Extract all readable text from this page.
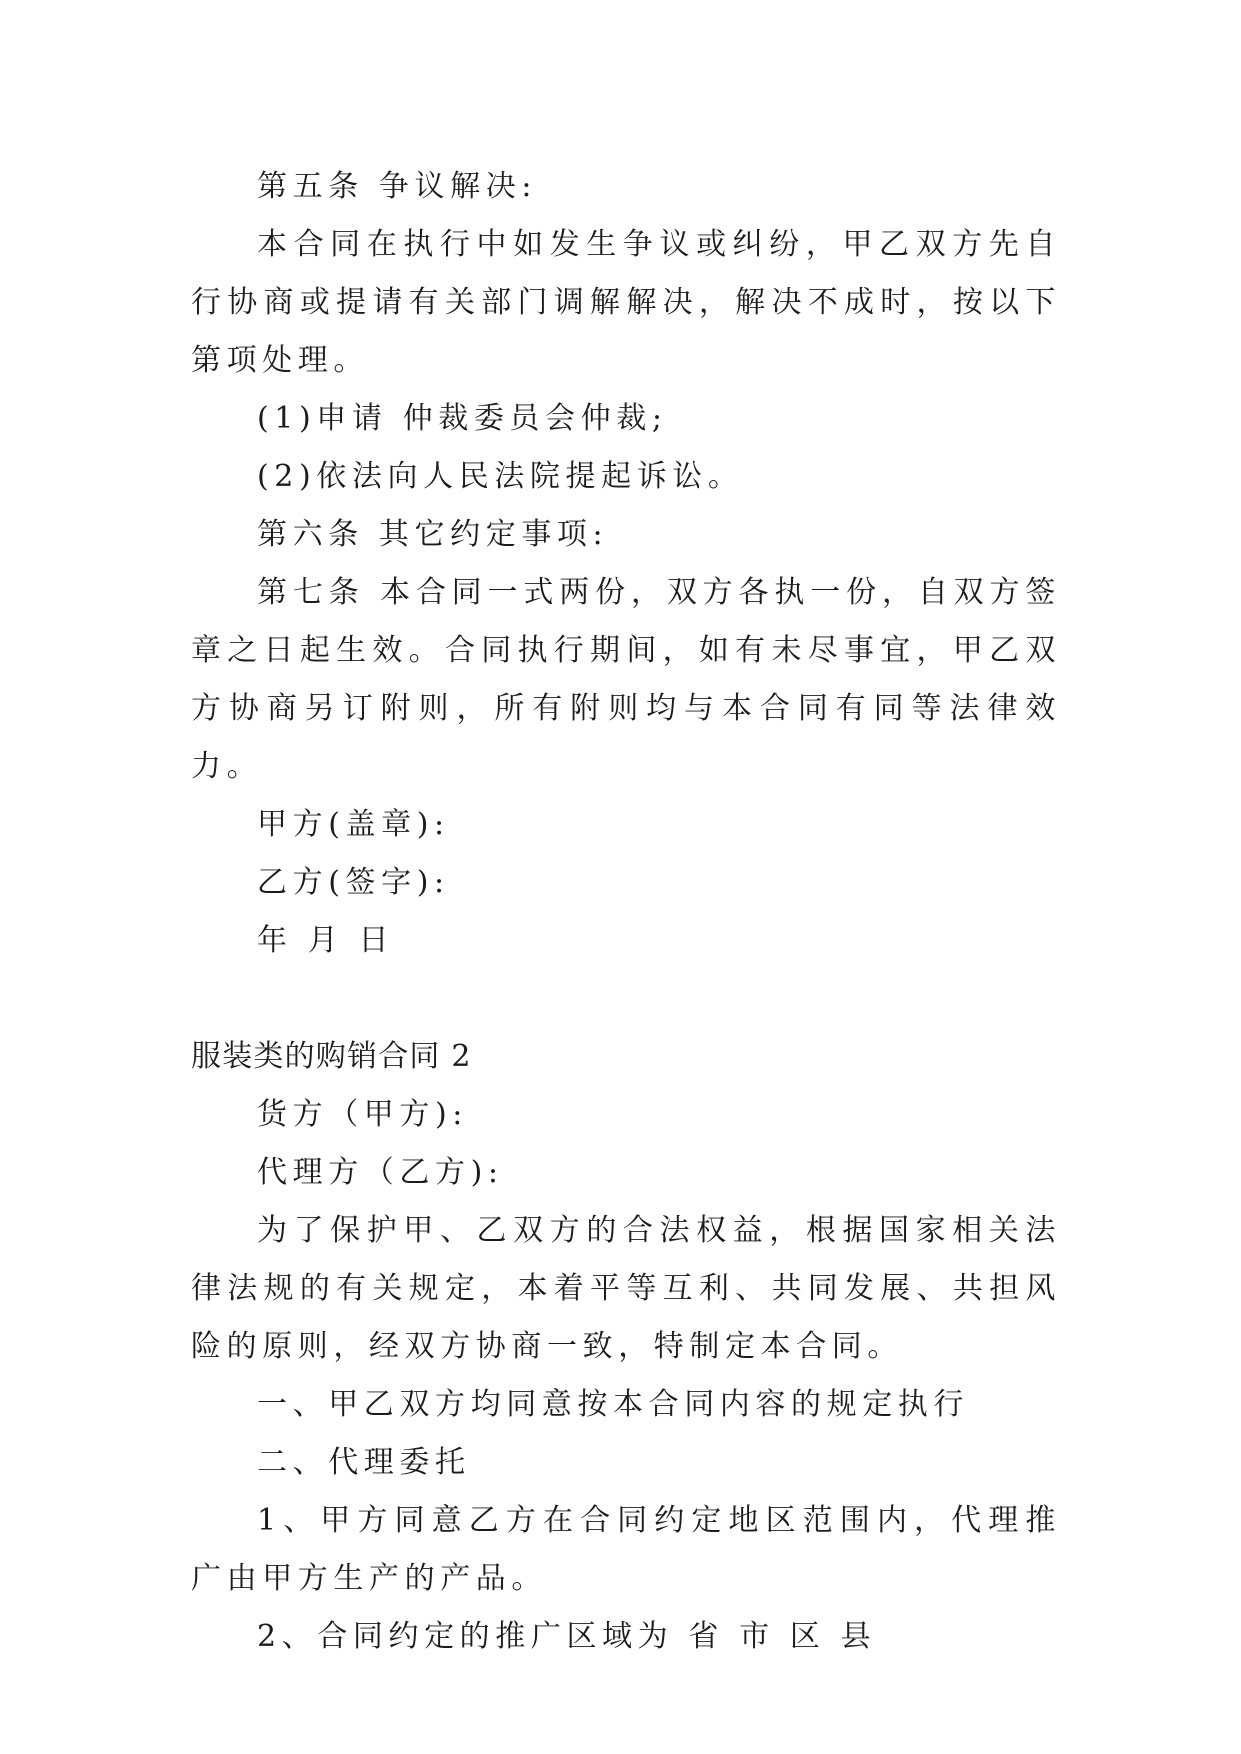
第五条 争议解决:

本合同在执行中如发生争议或纠纷，甲乙双方先自行协商或提请有关部门调解解决，解决不成时，按以下第项处理。

(1)申请 仲裁委员会仲裁;

(2)依法向人民法院提起诉讼。

第六条 其它约定事项:

第七条 本合同一式两份，双方各执一份，自双方签章之日起生效。合同执行期间，如有未尽事宜，甲乙双方协商另订附则，所有附则均与本合同有同等法律效力。

甲方(盖章):

乙方(签字):

年 月 日

服装类的购销合同 2

货方（甲方):

代理方（乙方):

为了保护甲、乙双方的合法权益，根据国家相关法律法规的有关规定，本着平等互利、共同发展、共担风险的原则，经双方协商一致，特制定本合同。

一、甲乙双方均同意按本合同内容的规定执行

二、代理委托

1、甲方同意乙方在合同约定地区范围内，代理推广由甲方生产的产品。

2、合同约定的推广区域为 省 市 区 县
